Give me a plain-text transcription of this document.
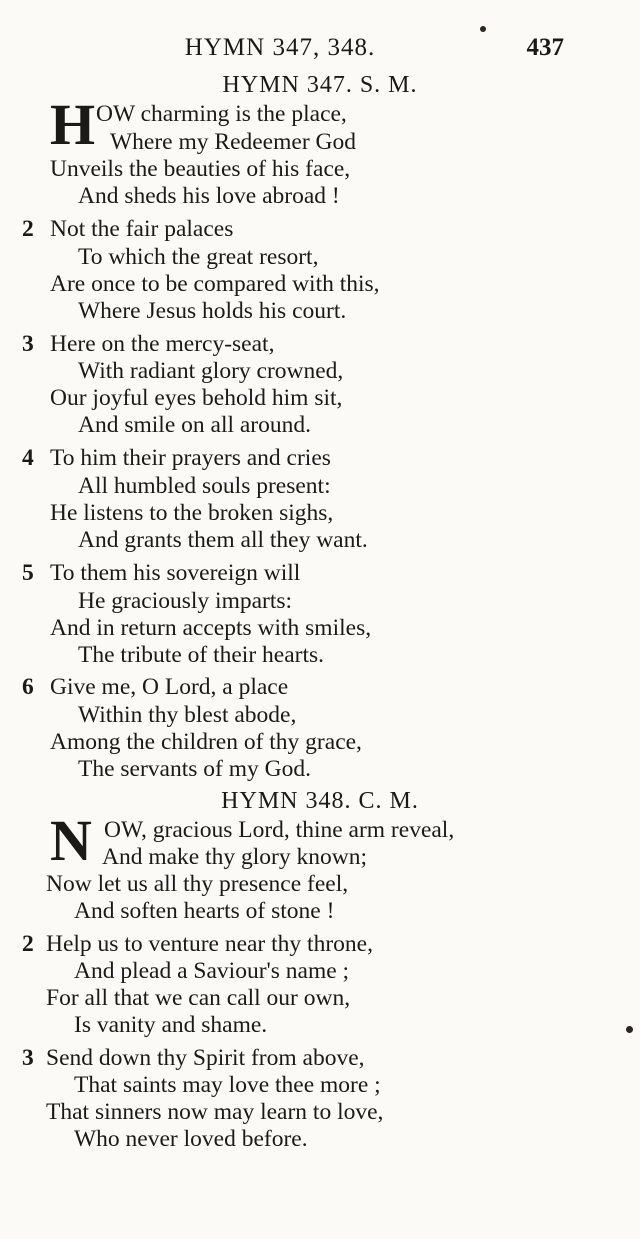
HYMN 347, 348.	437
HYMN 347. S. M.
H OW charming is the place,
Where my Redeemer God
Unveils the beauties of his face,
And sheds his love abroad !
2 Not the fair palaces
To which the great resort,
Are once to be compared with this,
Where Jesus holds his court.
3 Here on the mercy-seat,
With radiant glory crowned,
Our joyful eyes behold him sit,
And smile on all around.
4 To him their prayers and cries
All humbled souls present:
He listens to the broken sighs,
And grants them all they want.
5 To them his sovereign will
He graciously imparts:
And in return accepts with smiles,
The tribute of their hearts.
6 Give me, O Lord, a place
Within thy blest abode,
Among the children of thy grace,
The servants of my God.
HYMN 348. C. M.
N OW, gracious Lord, thine arm reveal,
And make thy glory known;
Now let us all thy presence feel,
And soften hearts of stone !
2 Help us to venture near thy throne,
And plead a Saviour's name ;
For all that we can call our own,
Is vanity and shame.
3 Send down thy Spirit from above,
That saints may love thee more ;
That sinners now may learn to love,
Who never loved before.
